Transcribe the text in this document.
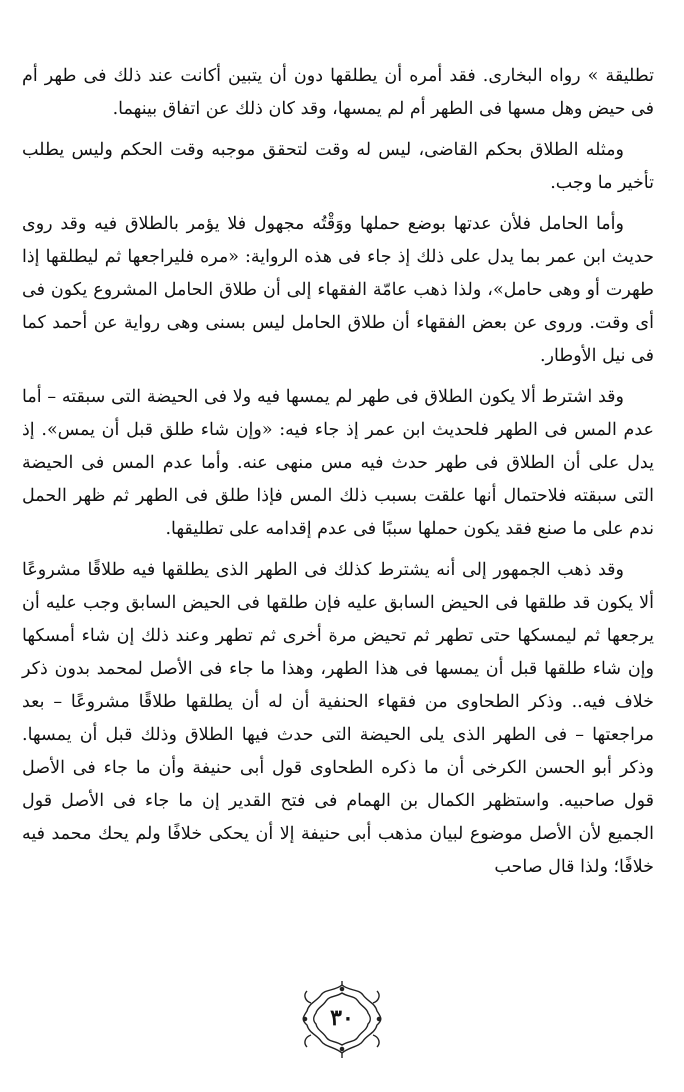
تطليقة » رواه البخارى. فقد أمره أن يطلقها دون أن يتبين أكانت عند ذلك فى طهر أم فى حيض وهل مسها فى الطهر أم لم يمسها، وقد كان ذلك عن اتفاق بينهما.

ومثله الطلاق بحكم القاضى، ليس له وقت لتحقق موجبه وقت الحكم وليس يطلب تأخير ما وجب.

وأما الحامل فلأن عدتها بوضع حملها ووَقْتُه مجهول فلا يؤمر بالطلاق فيه وقد روى حديث ابن عمر بما يدل على ذلك إذ جاء فى هذه الرواية: «مره فليراجعها ثم ليطلقها إذا طهرت أو وهى حامل»، ولذا ذهب عامّة الفقهاء إلى أن طلاق الحامل المشروع يكون فى أى وقت. وروى عن بعض الفقهاء أن طلاق الحامل ليس بسنى وهى رواية عن أحمد كما فى نيل الأوطار.

وقد اشترط ألا يكون الطلاق فى طهر لم يمسها فيه ولا فى الحيضة التى سبقته – أما عدم المس فى الطهر فلحديث ابن عمر إذ جاء فيه: «وإن شاء طلق قبل أن يمس». إذ يدل على أن الطلاق فى طهر حدث فيه مس منهى عنه. وأما عدم المس فى الحيضة التى سبقته فلاحتمال أنها علقت بسبب ذلك المس فإذا طلق فى الطهر ثم ظهر الحمل ندم على ما صنع فقد يكون حملها سببًا فى عدم إقدامه على تطليقها.

وقد ذهب الجمهور إلى أنه يشترط كذلك فى الطهر الذى يطلقها فيه طلاقًا مشروعًا ألا يكون قد طلقها فى الحيض السابق عليه فإن طلقها فى الحيض السابق وجب عليه أن يرجعها ثم ليمسكها حتى تطهر ثم تحيض مرة أخرى ثم تطهر وعند ذلك إن شاء أمسكها وإن شاء طلقها قبل أن يمسها فى هذا الطهر، وهذا ما جاء فى الأصل لمحمد بدون ذكر خلاف فيه.. وذكر الطحاوى من فقهاء الحنفية أن له أن يطلقها طلاقًا مشروعًا – بعد مراجعتها – فى الطهر الذى يلى الحيضة التى حدث فيها الطلاق وذلك قبل أن يمسها. وذكر أبو الحسن الكرخى أن ما ذكره الطحاوى قول أبى حنيفة وأن ما جاء فى الأصل قول صاحبيه. واستظهر الكمال بن الهمام فى فتح القدير إن ما جاء فى الأصل قول الجميع لأن الأصل موضوع لبيان مذهب أبى حنيفة إلا أن يحكى خلافًا ولم يحك محمد فيه خلافًا؛ ولذا قال صاحب

٣٠
